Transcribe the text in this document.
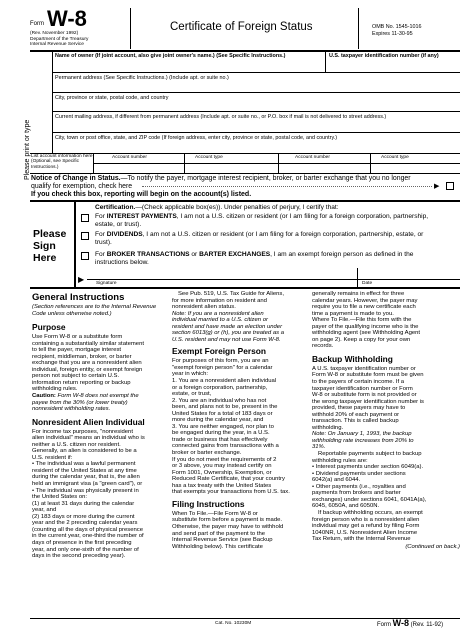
Form W-8
(Rev. November 1992)
Department of the Treasury
Internal Revenue Service
Certificate of Foreign Status	OMB No. 1545-1016
Expires 11-30-95
Please print or type
Name of owner (If joint account, also give joint owner's name.) (See Specific Instructions.)	U.S. taxpayer identification number (if any)
Permanent address (See Specific Instructions.) (Include apt. or suite no.)
City, province or state, postal code, and country
Current mailing address, if different from permanent address (Include apt. or suite no., or P.O. box if mail is not delivered to street address.)
City, town or post office, state, and ZIP code (If foreign address, enter city, province or state, postal code, and country.)
List account information here (Optional, see Specific Instructions.)
Account number	Account type	Account number	Account type
Notice of Change in Status.—To notify the payer, mortgage interest recipient, broker, or barter exchange that you no longer
qualify for exemption, check here	▶
If you check this box, reporting will begin on the account(s) listed.
Please
Sign
Here
Certification.—(Check applicable box(es)). Under penalties of perjury, I certify that:
For INTEREST PAYMENTS, I am not a U.S. citizen or resident (or I am filing for a foreign corporation, partnership,
estate, or trust).
For DIVIDENDS, I am not a U.S. citizen or resident (or I am filing for a foreign corporation, partnership, estate, or
trust).
For BROKER TRANSACTIONS or BARTER EXCHANGES, I am an exempt foreign person as defined in the
instructions below.
▶ Signature	Date
General Instructions
(Section references are to the Internal Revenue Code unless otherwise noted.)
Purpose
Use Form W-8 or a substitute form
containing a substantially similar statement
to tell the payer, mortgage interest
recipient, middleman, broker, or barter
exchange that you are a nonresident alien
individual, foreign entity, or exempt foreign
person not subject to certain U.S.
information return reporting or backup
withholding rules.
Caution: Form W-8 does not exempt the
payee from the 30% (or lower treaty)
nonresident withholding rates.
Nonresident Alien Individual
For income tax purposes, "nonresident
alien individual" means an individual who is
neither a U.S. citizen nor resident.
Generally, an alien is considered to be a
U.S. resident if:
• The individual was a lawful permanent
resident of the United States at any time
during the calendar year, that is, the alien
held an immigrant visa (a "green card"), or
• The individual was physically present in
the United States on:
(1) at least 31 days during the calendar
year, and
(2) 183 days or more during the current
year and the 2 preceding calendar years
(counting all the days of physical presence
in the current year, one-third the number of
days of presence in the first preceding
year, and only one-sixth of the number of
days in the second preceding year).
See Pub. 519, U.S. Tax Guide for Aliens,
for more information on resident and
nonresident alien status.
Note: If you are a nonresident alien
individual married to a U.S. citizen or
resident and have made an election under
section 6013(g) or (h), you are treated as a
U.S. resident and may not use Form W-8.
Exempt Foreign Person
For purposes of this form, you are an
"exempt foreign person" for a calendar
year in which:
1. You are a nonresident alien individual
or a foreign corporation, partnership,
estate, or trust,
2. You are an individual who has not
been, and plans not to be, present in the
United States for a total of 183 days or
more during the calendar year, and
3. You are neither engaged, nor plan to
be engaged during the year, in a U.S.
trade or business that has effectively
connected gains from transactions with a
broker or barter exchange.
If you do not meet the requirements of 2
or 3 above, you may instead certify on
Form 1001, Ownership, Exemption, or
Reduced Rate Certificate, that your country
has a tax treaty with the United States
that exempts your transactions from U.S. tax.
Filing Instructions
When To File.—File Form W-8 or
substitute form before a payment is made.
Otherwise, the payer may have to withhold
and send part of the payment to the
Internal Revenue Service (see Backup
Withholding below). This certificate
generally remains in effect for three
calendar years. However, the payer may
require you to file a new certificate each
time a payment is made to you.
Where To File.—File this form with the
payer of the qualifying income who is the
withholding agent (see Withholding Agent
on page 2). Keep a copy for your own
records.
Backup Withholding
A U.S. taxpayer identification number or
Form W-8 or substitute form must be given
to the payers of certain income. If a
taxpayer identification number or Form
W-8 or substitute form is not provided or
the wrong taxpayer identification number is
provided, these payers may have to
withhold 20% of each payment or
transaction. This is called backup
withholding.
Note: On January 1, 1993, the backup
withholding rate increases from 20% to
31%.
Reportable payments subject to backup
withholding rules are:
• Interest payments under section 6049(a).
• Dividend payments under sections
6042(a) and 6044.
• Other payments (i.e., royalties and
payments from brokers and barter
exchanges) under sections 6041, 6041A(a),
6045, 6050A, and 6050N.
If backup withholding occurs, an exempt
foreign person who is a nonresident alien
individual may get a refund by filing Form
1040NR, U.S. Nonresident Alien Income
Tax Return, with the Internal Revenue
(Continued on back.)
Cat. No. 10230M	Form W-8 (Rev. 11-92)
